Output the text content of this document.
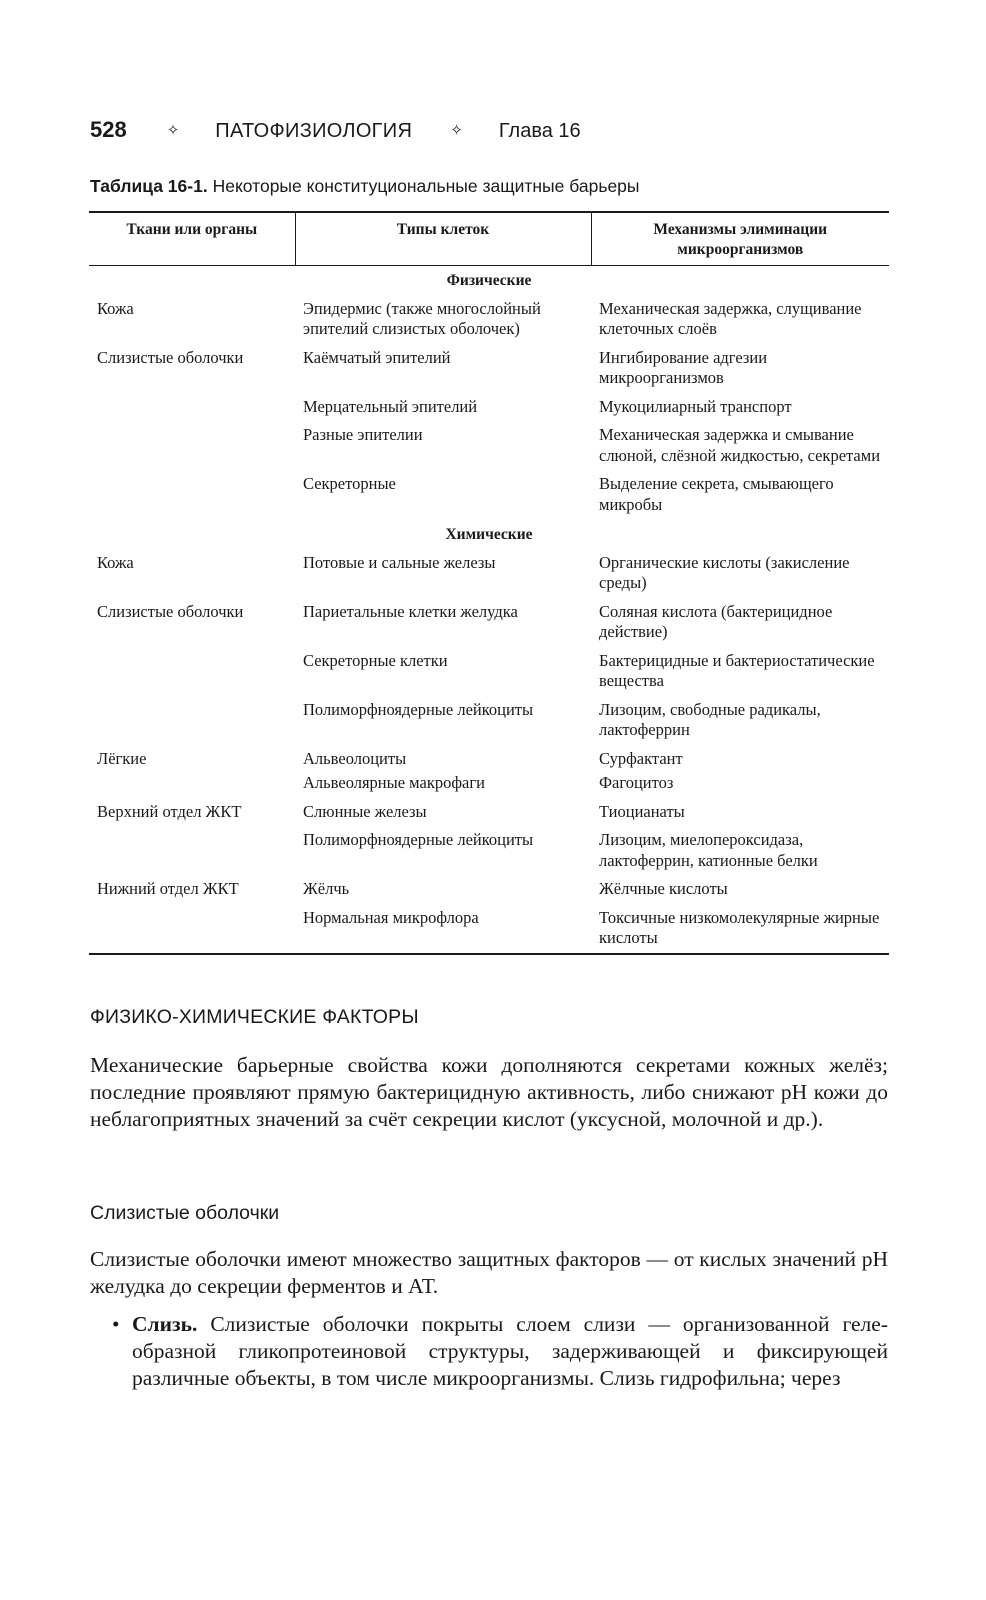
528	✧ ПАТОФИЗИОЛОГИЯ	✧ Глава 16
Таблица 16-1. Некоторые конституциональные защитные барьеры
Ткани или органы	Типы клеток	Механизмы элиминации микроорганизмов
Физические		
Кожа	Эпидермис (также многослойный эпителий слизистых оболочек)	Механическая задержка, слущивание клеточных слоёв
Слизистые оболочки	Каёмчатый эпителий	Ингибирование адгезии микроорганизмов
	Мерцательный эпителий	Мукоцилиарный транспорт
	Разные эпителии	Механическая задержка и смывание слюной, слёзной жидкостью, секретами
	Секреторные	Выделение секрета, смывающего микробы
Химические		
Кожа	Потовые и сальные железы	Органические кислоты (закисление среды)
Слизистые оболочки	Париетальные клетки желудка	Соляная кислота (бактерицидное действие)
	Секреторные клетки	Бактерицидные и бактериостатические вещества
	Полиморфноядерные лейкоциты	Лизоцим, свободные радикалы, лактоферрин
Лёгкие	Альвеолоциты	Сурфактант
	Альвеолярные макрофаги	Фагоцитоз
Верхний отдел ЖКТ	Слюнные железы	Тиоцианаты
	Полиморфноядерные лейкоциты	Лизоцим, миелопероксидаза, лактоферрин, катионные белки
Нижний отдел ЖКТ	Жёлчь	Жёлчные кислоты
	Нормальная микрофлора	Токсичные низкомолекулярные жирные кислоты
ФИЗИКО-ХИМИЧЕСКИЕ ФАКТОРЫ
Механические барьерные свойства кожи дополняются секретами кожных желёз; последние проявляют прямую бактерицидную активность, либо снижают pH кожи до неблагоприятных значений за счёт секреции кислот (уксусной, молочной и др.).
Слизистые оболочки
Слизистые оболочки имеют множество защитных факторов — от кислых значений pH желудка до секреции ферментов и АТ.
• Слизь. Слизистые оболочки покрыты слоем слизи — организованной гелеобразной гликопротеиновой структуры, задерживающей и фиксирующей различные объекты, в том числе микроорганизмы. Слизь гидрофильна; через
